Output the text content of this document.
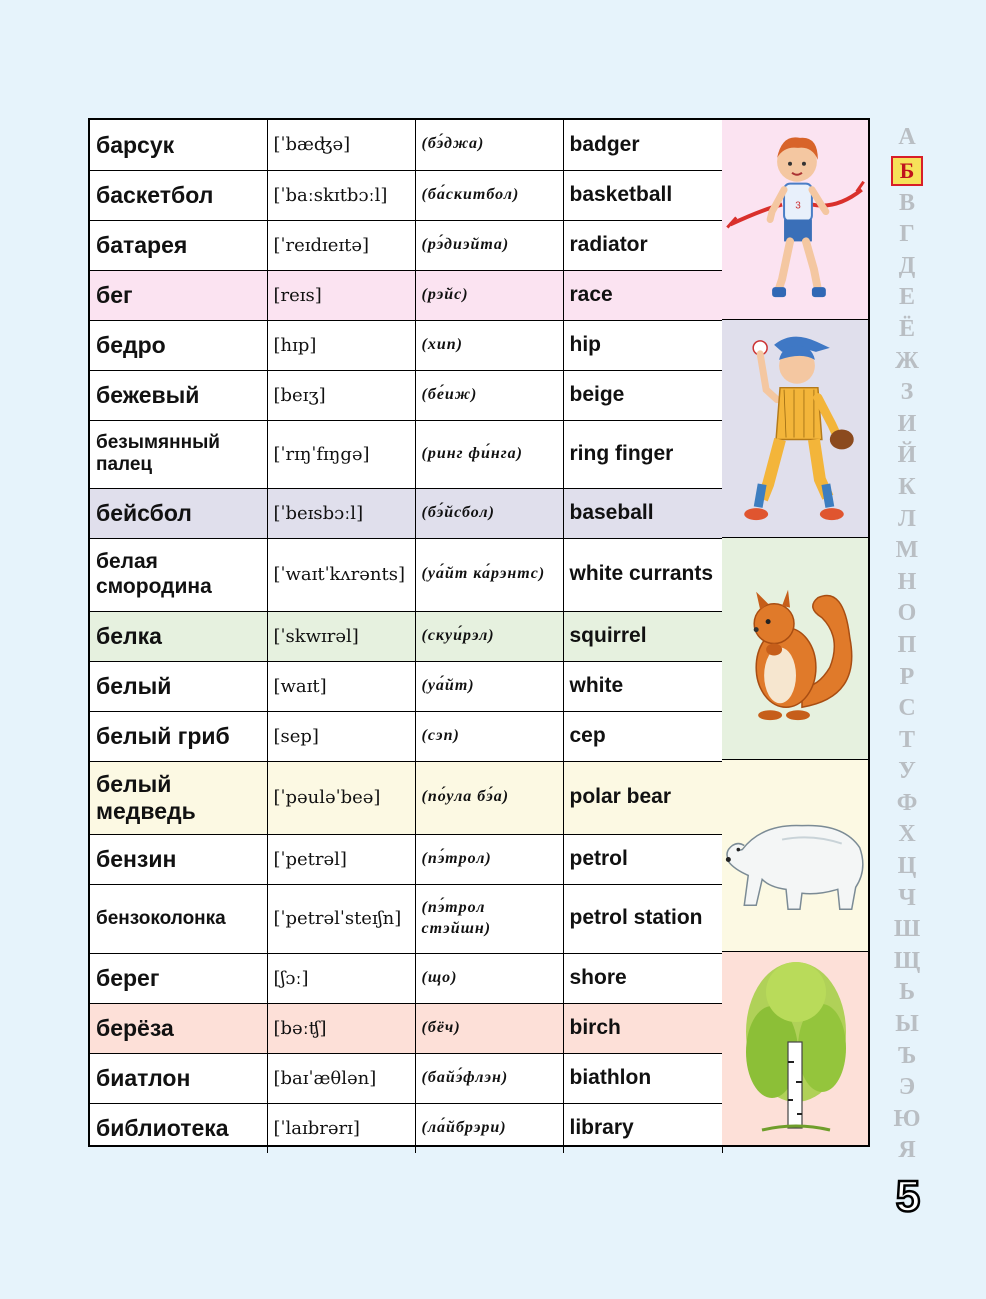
барсук	[ˈbæʤə]	(бэ́джа)	badger
баскетбол	[ˈbaːskɪtbɔːl]	(ба́скитбол)	basketball
батарея	[ˈreɪdɪeɪtə]	(рэ́диэйта)	radiator
бег	[reɪs]	(рэйс)	race
бедро	[hɪp]	(хип)	hip
бежевый	[beɪʒ]	(бе́иж)	beige
безымянный палец	[ˈrɪŋˈfɪŋgə]	(ринг фи́нга)	ring finger
бейсбол	[ˈbeɪsbɔːl]	(бэ́йсбол)	baseball
белая смородина	[ˈwaɪtˈkʌrənts]	(уа́йт ка́рэнтс)	white currants
белка	[ˈskwɪrəl]	(скуи́рэл)	squirrel
белый	[waɪt]	(уа́йт)	white
белый гриб	[sep]	(сэп)	cep
белый медведь	[ˈpəuləˈbeə]	(по́ула бэ́а)	polar bear
бензин	[ˈpetrəl]	(пэ́трол)	petrol
бензоколонка	[ˈpetrəlˈsteɪʃn]	(пэ́трол стэйшн)	petrol station
берег	[ʃɔː]	(що)	shore
берёза	[bəːʧ]	(бёч)	birch
биатлон	[baɪˈæθlən]	(байэ́флэн)	biathlon
библиотека	[ˈlaɪbrərɪ]	(ла́йбрэри)	library
3
А
Б
В
Г
Д
Е
Ё
Ж
З
И
Й
К
Л
М
Н
О
П
Р
С
Т
У
Ф
Х
Ц
Ч
Ш
Щ
Ь
Ы
Ъ
Э
Ю
Я
5
